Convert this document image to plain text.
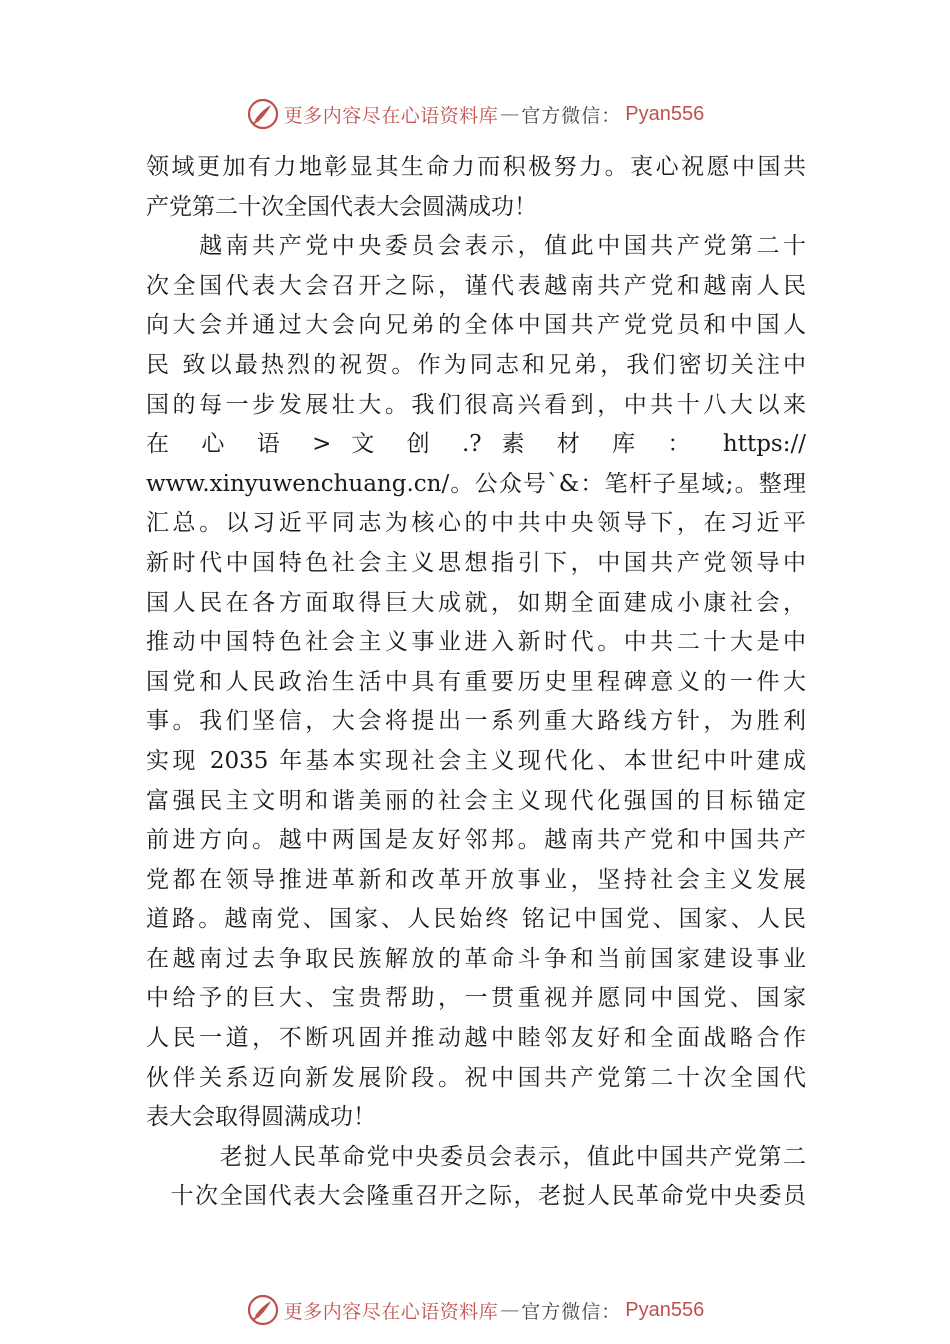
更多内容尽在心语资料库 — 官方微信： Pyan556
领域更加有力地彰显其生命力而积极努力。衷心祝愿中国共
产党第二十次全国代表大会圆满成功！
　　越南共产党中央委员会表示，值此中国共产党第二十
次全国代表大会召开之际，谨代表越南共产党和越南人民
向大会并通过大会向兄弟的全体中国共产党党员和中国人
民 致以最热烈的祝贺。作为同志和兄弟，我们密切关注中
国的每一步发展壮大。我们很高兴看到，中共十八大以来
在 心 语 > 文 创 .? 素 材 库 ： https://
www.xinyuwenchuang.cn/。公众号`&：笔杆子星域;。整理
汇总。以习近平同志为核心的中共中央领导下，在习近平
新时代中国特色社会主义思想指引下，中国共产党领导中
国人民在各方面取得巨大成就，如期全面建成小康社会，
推动中国特色社会主义事业进入新时代。中共二十大是中
国党和人民政治生活中具有重要历史里程碑意义的一件大
事。我们坚信，大会将提出一系列重大路线方针，为胜利
实现 2035 年基本实现社会主义现代化、本世纪中叶建成
富强民主文明和谐美丽的社会主义现代化强国的目标锚定
前进方向。越中两国是友好邻邦。越南共产党和中国共产
党都在领导推进革新和改革开放事业，坚持社会主义发展
道路。越南党、国家、人民始终 铭记中国党、国家、人民
在越南过去争取民族解放的革命斗争和当前国家建设事业
中给予的巨大、宝贵帮助，一贯重视并愿同中国党、国家
人民一道，不断巩固并推动越中睦邻友好和全面战略合作
伙伴关系迈向新发展阶段。祝中国共产党第二十次全国代
表大会取得圆满成功！
　　　老挝人民革命党中央委员会表示，值此中国共产党第二
　十次全国代表大会隆重召开之际，老挝人民革命党中央委员
更多内容尽在心语资料库 — 官方微信： Pyan556
